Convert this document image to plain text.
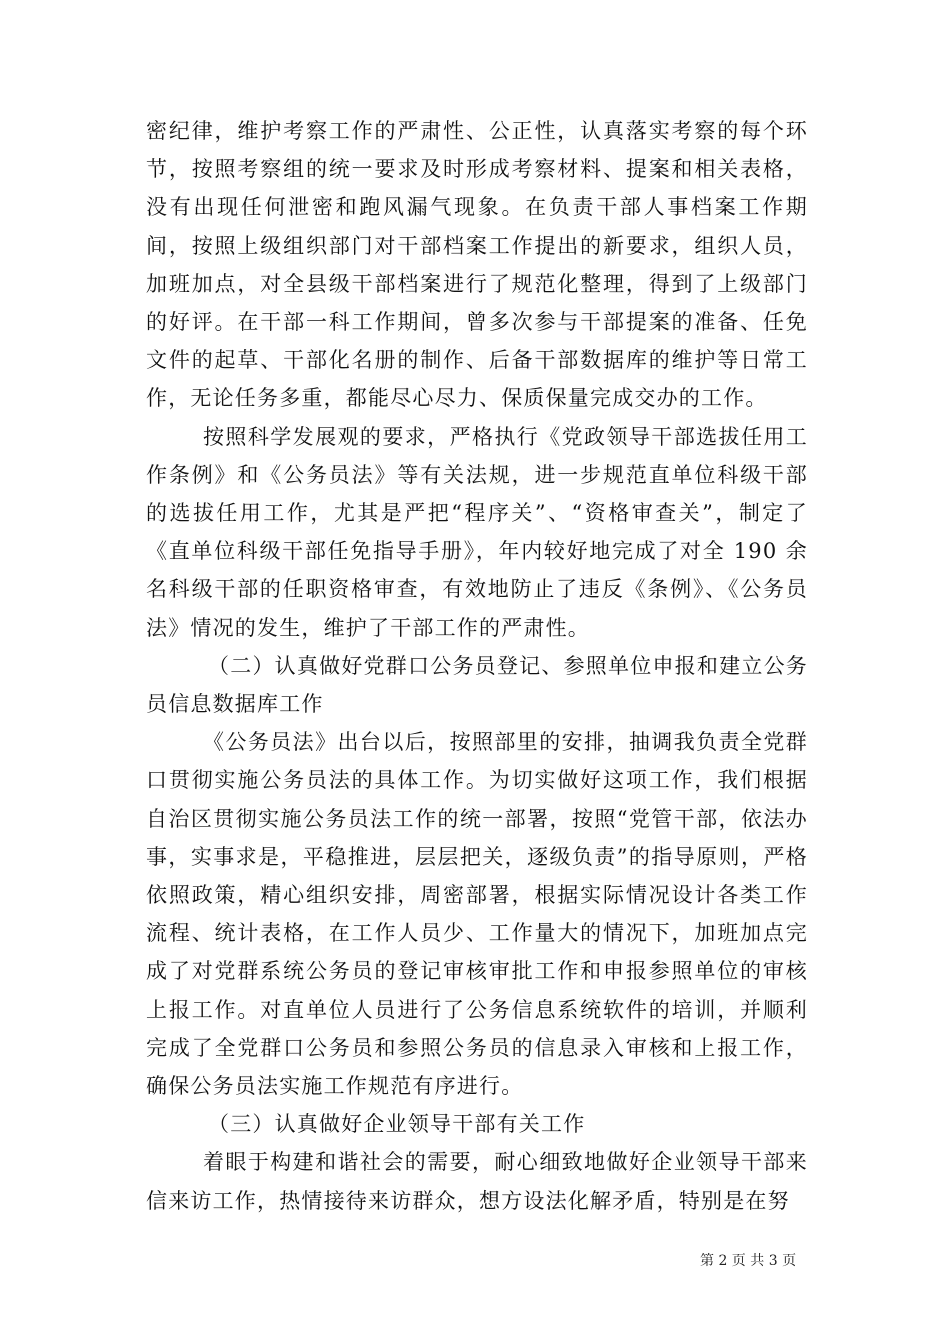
密纪律，维护考察工作的严肃性、公正性，认真落实考察的每个环节，按照考察组的统一要求及时形成考察材料、提案和相关表格，没有出现任何泄密和跑风漏气现象。在负责干部人事档案工作期间，按照上级组织部门对干部档案工作提出的新要求，组织人员，加班加点，对全县级干部档案进行了规范化整理，得到了上级部门的好评。在干部一科工作期间，曾多次参与干部提案的准备、任免文件的起草、干部化名册的制作、后备干部数据库的维护等日常工作，无论任务多重，都能尽心尽力、保质保量完成交办的工作。

按照科学发展观的要求，严格执行《党政领导干部选拔任用工作条例》和《公务员法》等有关法规，进一步规范直单位科级干部的选拔任用工作，尤其是严把“程序关”、“资格审查关”，制定了《直单位科级干部任免指导手册》，年内较好地完成了对全 190 余名科级干部的任职资格审查，有效地防止了违反《条例》、《公务员法》情况的发生，维护了干部工作的严肃性。

（二）认真做好党群口公务员登记、参照单位申报和建立公务员信息数据库工作

《公务员法》出台以后，按照部里的安排，抽调我负责全党群口贯彻实施公务员法的具体工作。为切实做好这项工作，我们根据自治区贯彻实施公务员法工作的统一部署，按照“党管干部，依法办事，实事求是，平稳推进，层层把关，逐级负责”的指导原则，严格依照政策，精心组织安排，周密部署，根据实际情况设计各类工作流程、统计表格，在工作人员少、工作量大的情况下，加班加点完成了对党群系统公务员的登记审核审批工作和申报参照单位的审核上报工作。对直单位人员进行了公务信息系统软件的培训，并顺利完成了全党群口公务员和参照公务员的信息录入审核和上报工作，确保公务员法实施工作规范有序进行。

（三）认真做好企业领导干部有关工作

着眼于构建和谐社会的需要，耐心细致地做好企业领导干部来信来访工作，热情接待来访群众，想方设法化解矛盾，特别是在努

第 2 页 共 3 页
